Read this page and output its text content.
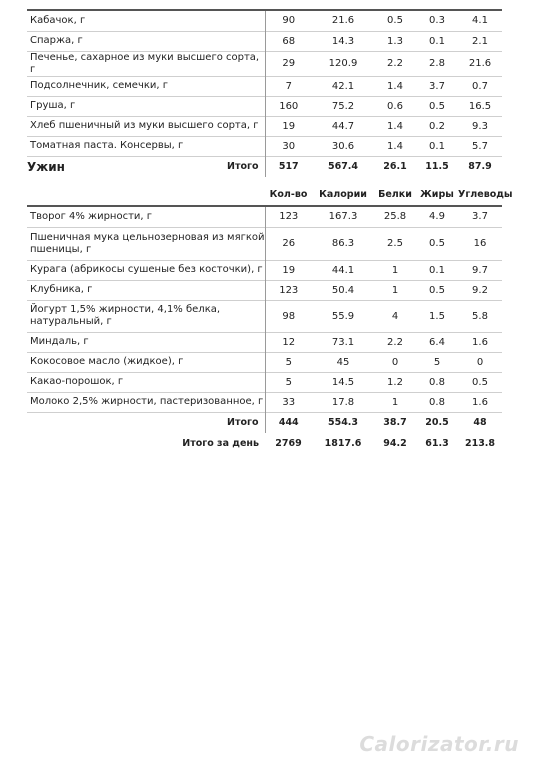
Кабачок, г	90	21.6	0.5	0.3	4.1
Спаржа, г	68	14.3	1.3	0.1	2.1
Печенье, сахарное из муки высшего сорта, г	29	120.9	2.2	2.8	21.6
Подсолнечник, семечки, г	7	42.1	1.4	3.7	0.7
Груша, г	160	75.2	0.6	0.5	16.5
Хлеб пшеничный из муки высшего сорта, г	19	44.7	1.4	0.2	9.3
Томатная паста. Консервы, г	30	30.6	1.4	0.1	5.7
Итого	517	567.4	26.1	11.5	87.9
Ужин
	Кол-во	Калории	Белки	Жиры	Углеводы
Творог 4% жирности, г	123	167.3	25.8	4.9	3.7
Пшеничная мука цельнозерновая из мягкой пшеницы, г	26	86.3	2.5	0.5	16
Курага (абрикосы сушеные без косточки), г	19	44.1	1	0.1	9.7
Клубника, г	123	50.4	1	0.5	9.2
Йогурт 1,5% жирности, 4,1% белка, натуральный, г	98	55.9	4	1.5	5.8
Миндаль, г	12	73.1	2.2	6.4	1.6
Кокосовое масло (жидкое), г	5	45	0	5	0
Какао-порошок, г	5	14.5	1.2	0.8	0.5
Молоко 2,5% жирности, пастеризованное, г	33	17.8	1	0.8	1.6
Итого	444	554.3	38.7	20.5	48
Итого за день	2769	1817.6	94.2	61.3	213.8
Calorizator.ru
